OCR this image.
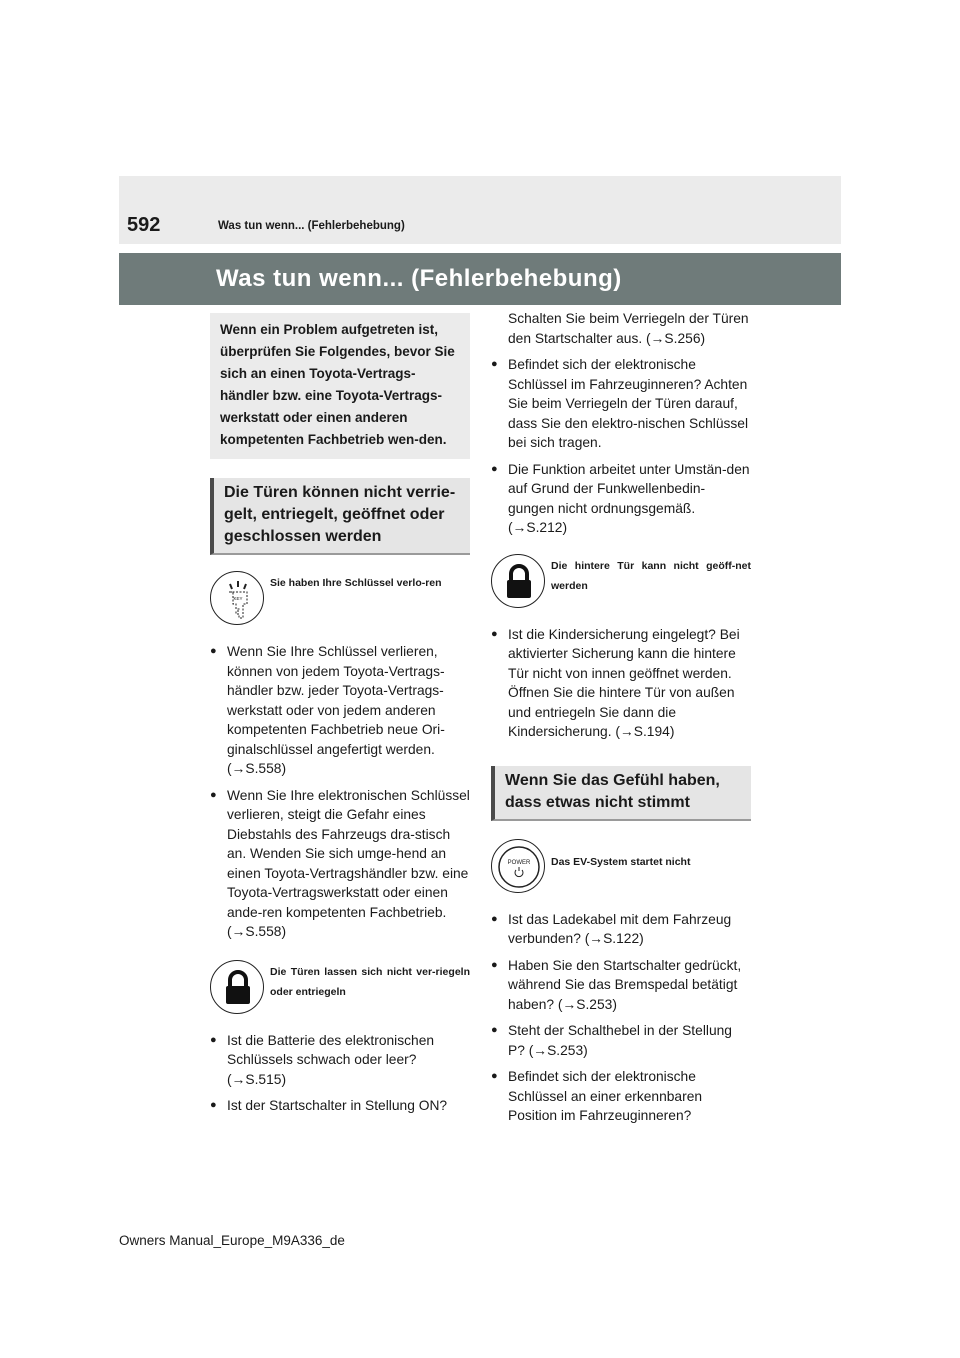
592	Was tun wenn... (Fehlerbehebung)
Was tun wenn... (Fehlerbehebung)
Wenn ein Problem aufgetreten ist, überprüfen Sie Folgendes, bevor Sie sich an einen Toyota-Vertrags-händler bzw. eine Toyota-Vertrags-werkstatt oder einen anderen kompetenten Fachbetrieb wen-den.
Die Türen können nicht verrie-gelt, entriegelt, geöffnet oder geschlossen werden
KEY
Sie haben Ihre Schlüssel verlo-ren
● Wenn Sie Ihre Schlüssel verlieren, können von jedem Toyota-Vertrags-händler bzw. jeder Toyota-Vertrags-werkstatt oder von jedem anderen kompetenten Fachbetrieb neue Ori-ginalschlüssel angefertigt werden. (→S.558)
● Wenn Sie Ihre elektronischen Schlüssel verlieren, steigt die Gefahr eines Diebstahls des Fahrzeugs dra-stisch an. Wenden Sie sich umge-hend an einen Toyota-Vertragshändler bzw. eine Toyota-Vertragswerkstatt oder einen ande-ren kompetenten Fachbetrieb. (→S.558)
Die Türen lassen sich nicht ver-riegeln oder entriegeln
● Ist die Batterie des elektronischen Schlüssels schwach oder leer? (→S.515)
● Ist der Startschalter in Stellung ON?
Schalten Sie beim Verriegeln der Türen den Startschalter aus. (→S.256)
● Befindet sich der elektronische Schlüssel im Fahrzeuginneren? Achten Sie beim Verriegeln der Türen darauf, dass Sie den elektro-nischen Schlüssel bei sich tragen.
● Die Funktion arbeitet unter Umstän-den auf Grund der Funkwellenbedin-gungen nicht ordnungsgemäß. (→S.212)
Die hintere Tür kann nicht geöff-net werden
● Ist die Kindersicherung eingelegt? Bei aktivierter Sicherung kann die hintere Tür nicht von innen geöffnet werden. Öffnen Sie die hintere Tür von außen und entriegeln Sie dann die Kindersicherung. (→S.194)
Wenn Sie das Gefühl haben, dass etwas nicht stimmt
POWER Das EV-System startet nicht
● Ist das Ladekabel mit dem Fahrzeug verbunden? (→S.122)
● Haben Sie den Startschalter gedrückt, während Sie das Bremspedal betätigt haben? (→S.253)
● Steht der Schalthebel in der Stellung P? (→S.253)
● Befindet sich der elektronische Schlüssel an einer erkennbaren Position im Fahrzeuginneren?
Owners Manual_Europe_M9A336_de
